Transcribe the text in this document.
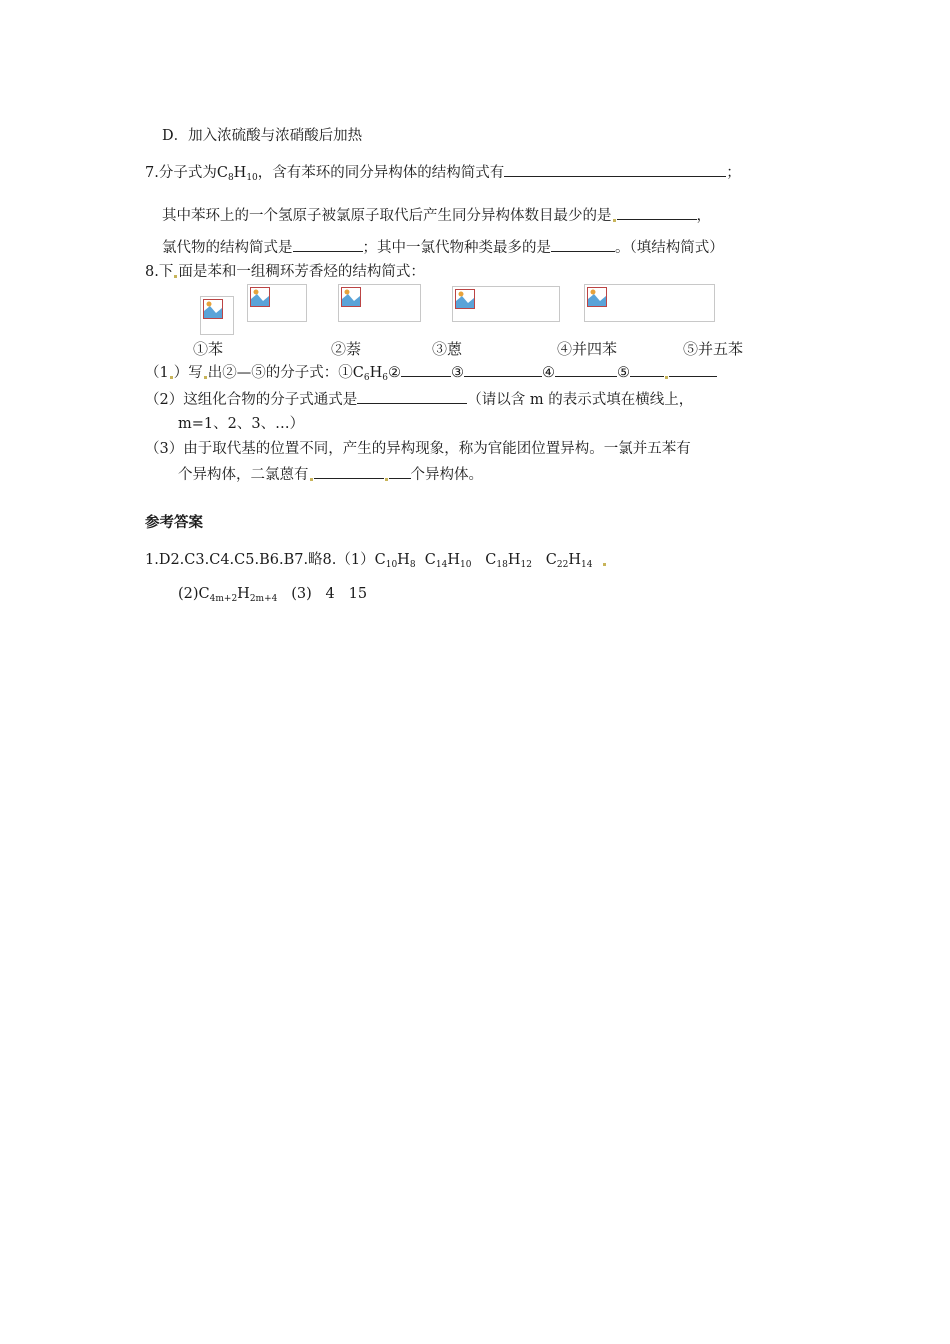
D．加入浓硫酸与浓硝酸后加热
7.分子式为$C_8H_{10}$，含有苯环的同分异构体的结构简式有	；
其中苯环上的一个氢原子被氯原子取代后产生同分异构体数目最少的是	，
氯代物的结构简式是	；其中一氯代物种类最多的是	。（填结构简式）
8.下 面是苯和一组稠环芳香烃的结构简式：
①苯	②萘	③蒽	④并四苯	⑤并五苯
（1 ）写 出②—⑤的分子式：$①C_6H_6②$	③	④	⑤
（2）这组化合物的分子式通式是	（请以含 m 的表示式填在横线上，
m=1、2、3、…）
（3）由于取代基的位置不同，产生的异构现象，称为官能团位置异构。一氯并五苯有
个异构体，二氯蒽有	个异构体。
参考答案
1.D2.C3.C4.C5.B6.B7.略$8.(1)C_{10}H_8$ $C_{14}H_{10}$ $C_{18}H_{12}$ $C_{22}H_{14}$
$(2)C_{4m+2}H_{2m+4}$ (3)   4   15
